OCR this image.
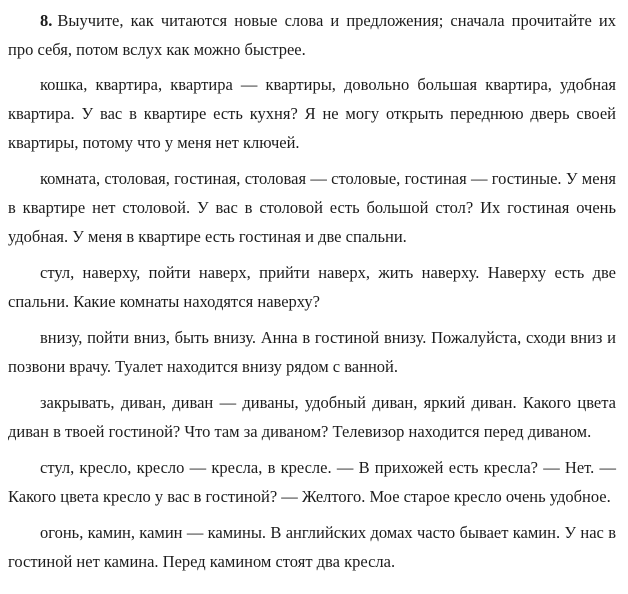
8. Выучите, как читаются новые слова и предложения; сначала прочитайте их про себя, потом вслух как можно быстрее.

кошка, квартира, квартира — квартиры, довольно большая квартира, удобная квартира. У вас в квартире есть кухня? Я не могу открыть переднюю дверь своей квартиры, потому что у меня нет ключей.

комната, столовая, гостиная, столовая — столовые, гостиная — гостиные. У меня в квартире нет столовой. У вас в столовой есть большой стол? Их гостиная очень удобная. У меня в квартире есть гостиная и две спальни.

стул, наверху, пойти наверх, прийти наверх, жить наверху. Наверху есть две спальни. Какие комнаты находятся наверху?

внизу, пойти вниз, быть внизу. Анна в гостиной внизу. Пожалуйста, сходи вниз и позвони врачу. Туалет находится внизу рядом с ванной.

закрывать, диван, диван — диваны, удобный диван, яркий диван. Какого цвета диван в твоей гостиной? Что там за диваном? Телевизор находится перед диваном.

стул, кресло, кресло — кресла, в кресле. — В прихожей есть кресла? — Нет. — Какого цвета кресло у вас в гостиной? — Желтого. Мое старое кресло очень удобное.

огонь, камин, камин — камины. В английских домах часто бывает камин. У нас в гостиной нет камина. Перед камином стоят два кресла.
